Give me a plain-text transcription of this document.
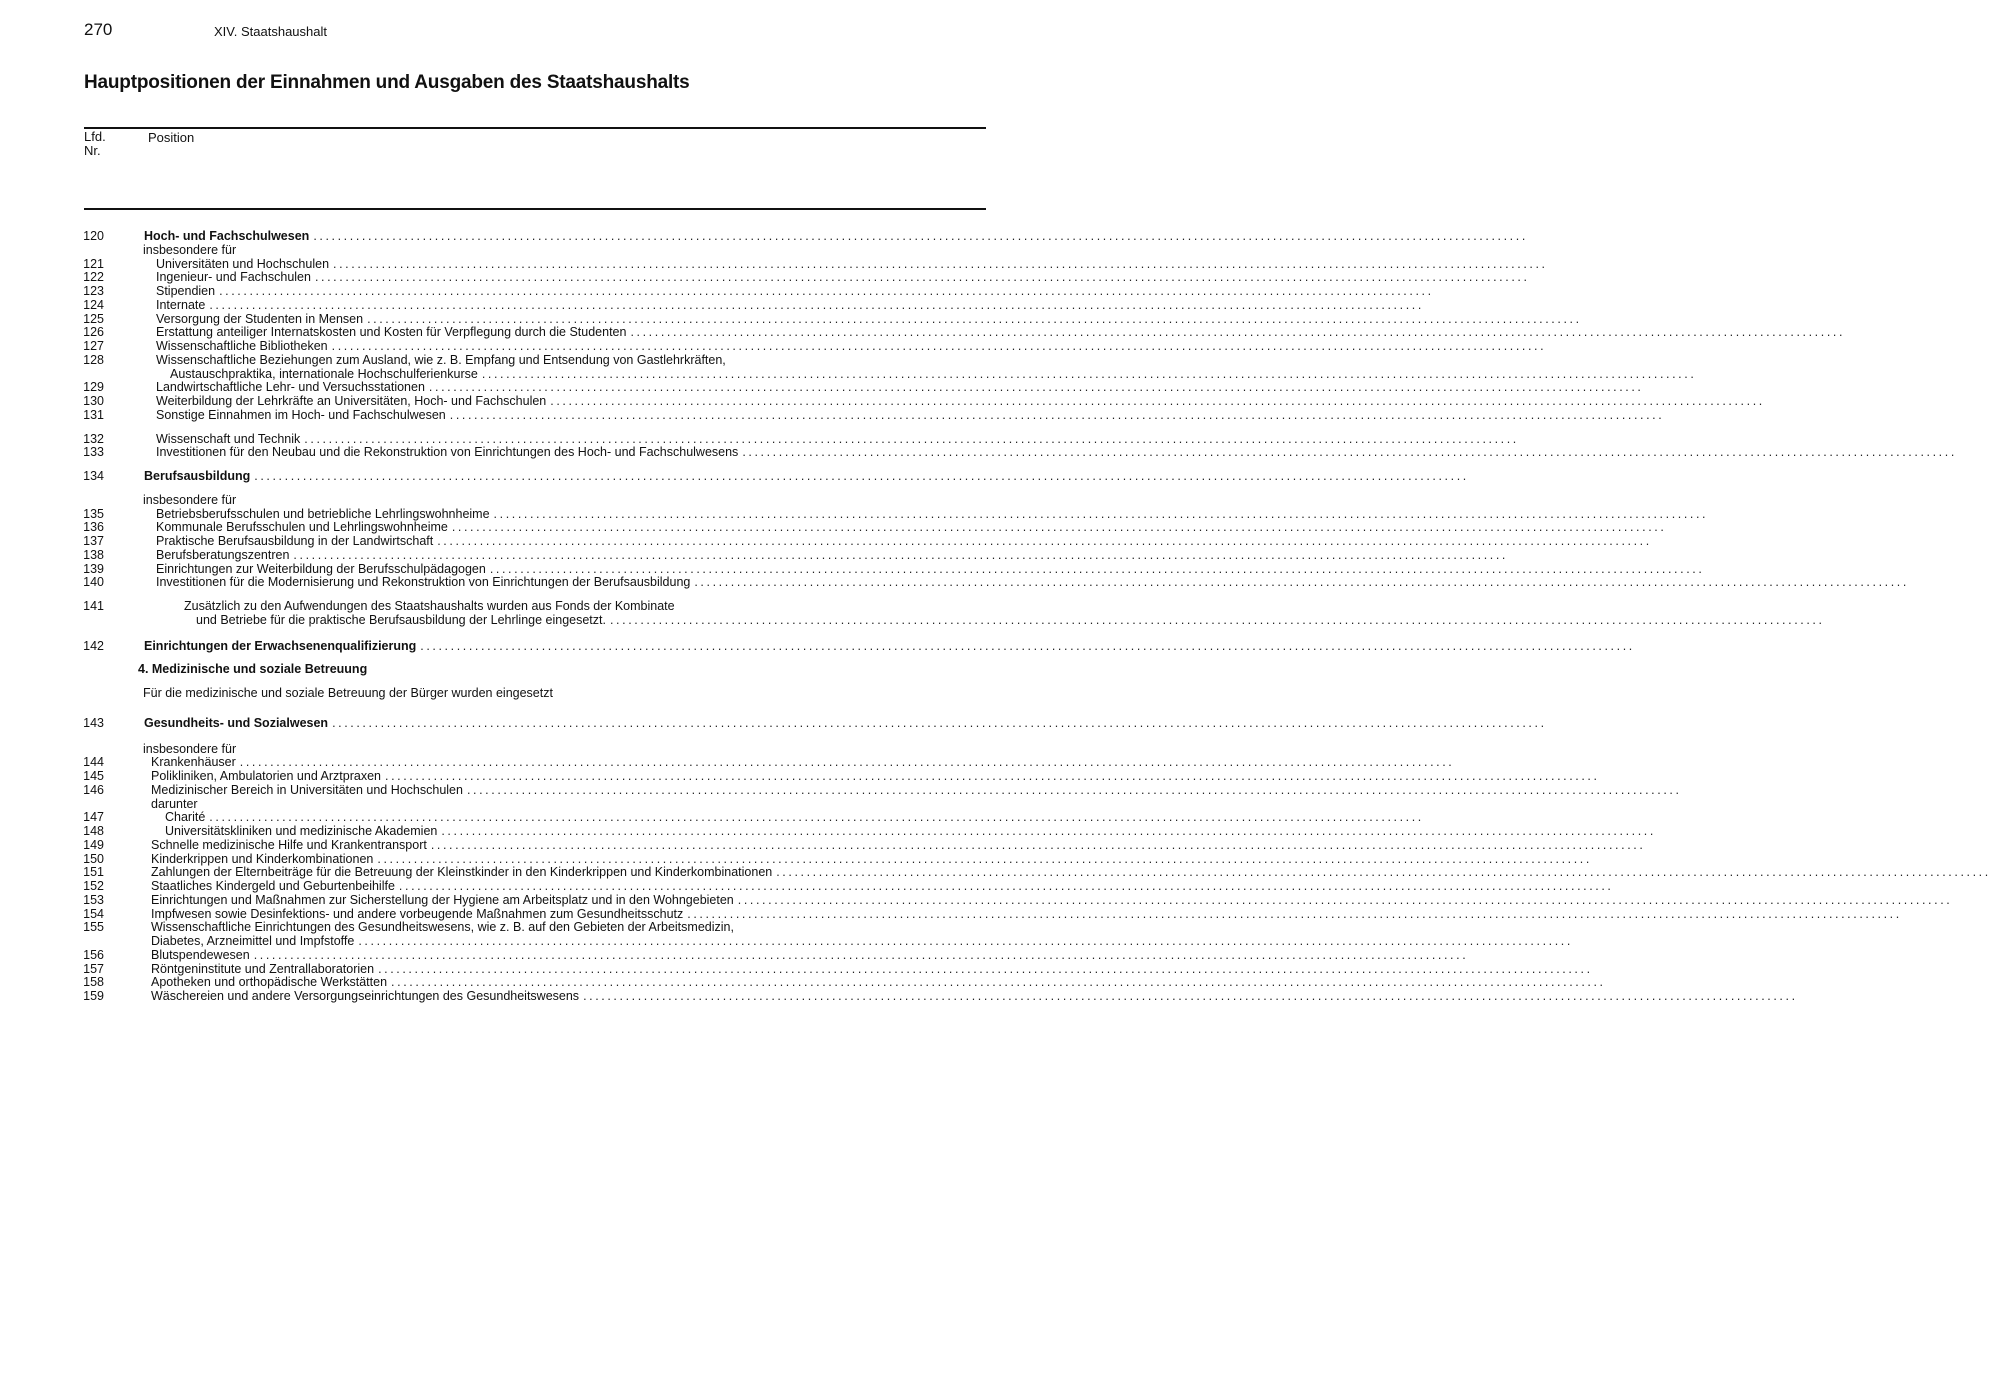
270	XIV. Staatshaushalt
Hauptpositionen der Einnahmen und Ausgaben des Staatshaushalts
Lfd.
Nr.
Position
120	Hoch- und Fachschulwesen ........................................................................................................................................................................................................
insbesondere für
121	Universitäten und Hochschulen ........................................................................................................................................................................................................
122	Ingenieur- und Fachschulen ........................................................................................................................................................................................................
123	Stipendien ........................................................................................................................................................................................................
124	Internate ........................................................................................................................................................................................................
125	Versorgung der Studenten in Mensen ........................................................................................................................................................................................................
126	Erstattung anteiliger Internatskosten und Kosten für Verpflegung durch die Studenten ........................................................................................................................................................................................................
127	Wissenschaftliche Bibliotheken ........................................................................................................................................................................................................
128	Wissenschaftliche Beziehungen zum Ausland, wie z. B. Empfang und Entsendung von Gastlehrkräften,
Austauschpraktika, internationale Hochschulferienkurse ........................................................................................................................................................................................................
129	Landwirtschaftliche Lehr- und Versuchsstationen ........................................................................................................................................................................................................
130	Weiterbildung der Lehrkräfte an Universitäten, Hoch- und Fachschulen ........................................................................................................................................................................................................
131	Sonstige Einnahmen im Hoch- und Fachschulwesen ........................................................................................................................................................................................................
132	Wissenschaft und Technik ........................................................................................................................................................................................................
133	Investitionen für den Neubau und die Rekonstruktion von Einrichtungen des Hoch- und Fachschulwesens ........................................................................................................................................................................................................
134	Berufsausbildung ........................................................................................................................................................................................................
insbesondere für
135	Betriebsberufsschulen und betriebliche Lehrlingswohnheime ........................................................................................................................................................................................................
136	Kommunale Berufsschulen und Lehrlingswohnheime ........................................................................................................................................................................................................
137	Praktische Berufsausbildung in der Landwirtschaft ........................................................................................................................................................................................................
138	Berufsberatungszentren ........................................................................................................................................................................................................
139	Einrichtungen zur Weiterbildung der Berufsschulpädagogen ........................................................................................................................................................................................................
140	Investitionen für die Modernisierung und Rekonstruktion von Einrichtungen der Berufsausbildung ........................................................................................................................................................................................................
141	Zusätzlich zu den Aufwendungen des Staatshaushalts wurden aus Fonds der Kombinate
und Betriebe für die praktische Berufsausbildung der Lehrlinge eingesetzt. ........................................................................................................................................................................................................
142	Einrichtungen der Erwachsenenqualifizierung ........................................................................................................................................................................................................
4. Medizinische und soziale Betreuung
Für die medizinische und soziale Betreuung der Bürger wurden eingesetzt
143	Gesundheits- und Sozialwesen ........................................................................................................................................................................................................
insbesondere für
144	Krankenhäuser ........................................................................................................................................................................................................
145	Polikliniken, Ambulatorien und Arztpraxen ........................................................................................................................................................................................................
146	Medizinischer Bereich in Universitäten und Hochschulen ........................................................................................................................................................................................................
darunter
147	Charité ........................................................................................................................................................................................................
148	Universitätskliniken und medizinische Akademien ........................................................................................................................................................................................................
149	Schnelle medizinische Hilfe und Krankentransport ........................................................................................................................................................................................................
150	Kinderkrippen und Kinderkombinationen ........................................................................................................................................................................................................
151	Zahlungen der Elternbeiträge für die Betreuung der Kleinstkinder in den Kinderkrippen und Kinderkombinationen ........................................................................................................................................................................................................
152	Staatliches Kindergeld und Geburtenbeihilfe ........................................................................................................................................................................................................
153	Einrichtungen und Maßnahmen zur Sicherstellung der Hygiene am Arbeitsplatz und in den Wohngebieten ........................................................................................................................................................................................................
154	Impfwesen sowie Desinfektions- und andere vorbeugende Maßnahmen zum Gesundheitsschutz ........................................................................................................................................................................................................
155	Wissenschaftliche Einrichtungen des Gesundheitswesens, wie z. B. auf den Gebieten der Arbeitsmedizin,
Diabetes, Arzneimittel und Impfstoffe ........................................................................................................................................................................................................
156	Blutspendewesen ........................................................................................................................................................................................................
157	Röntgeninstitute und Zentrallaboratorien ........................................................................................................................................................................................................
158	Apotheken und orthopädische Werkstätten ........................................................................................................................................................................................................
159	Wäschereien und andere Versorgungseinrichtungen des Gesundheitswesens ........................................................................................................................................................................................................
